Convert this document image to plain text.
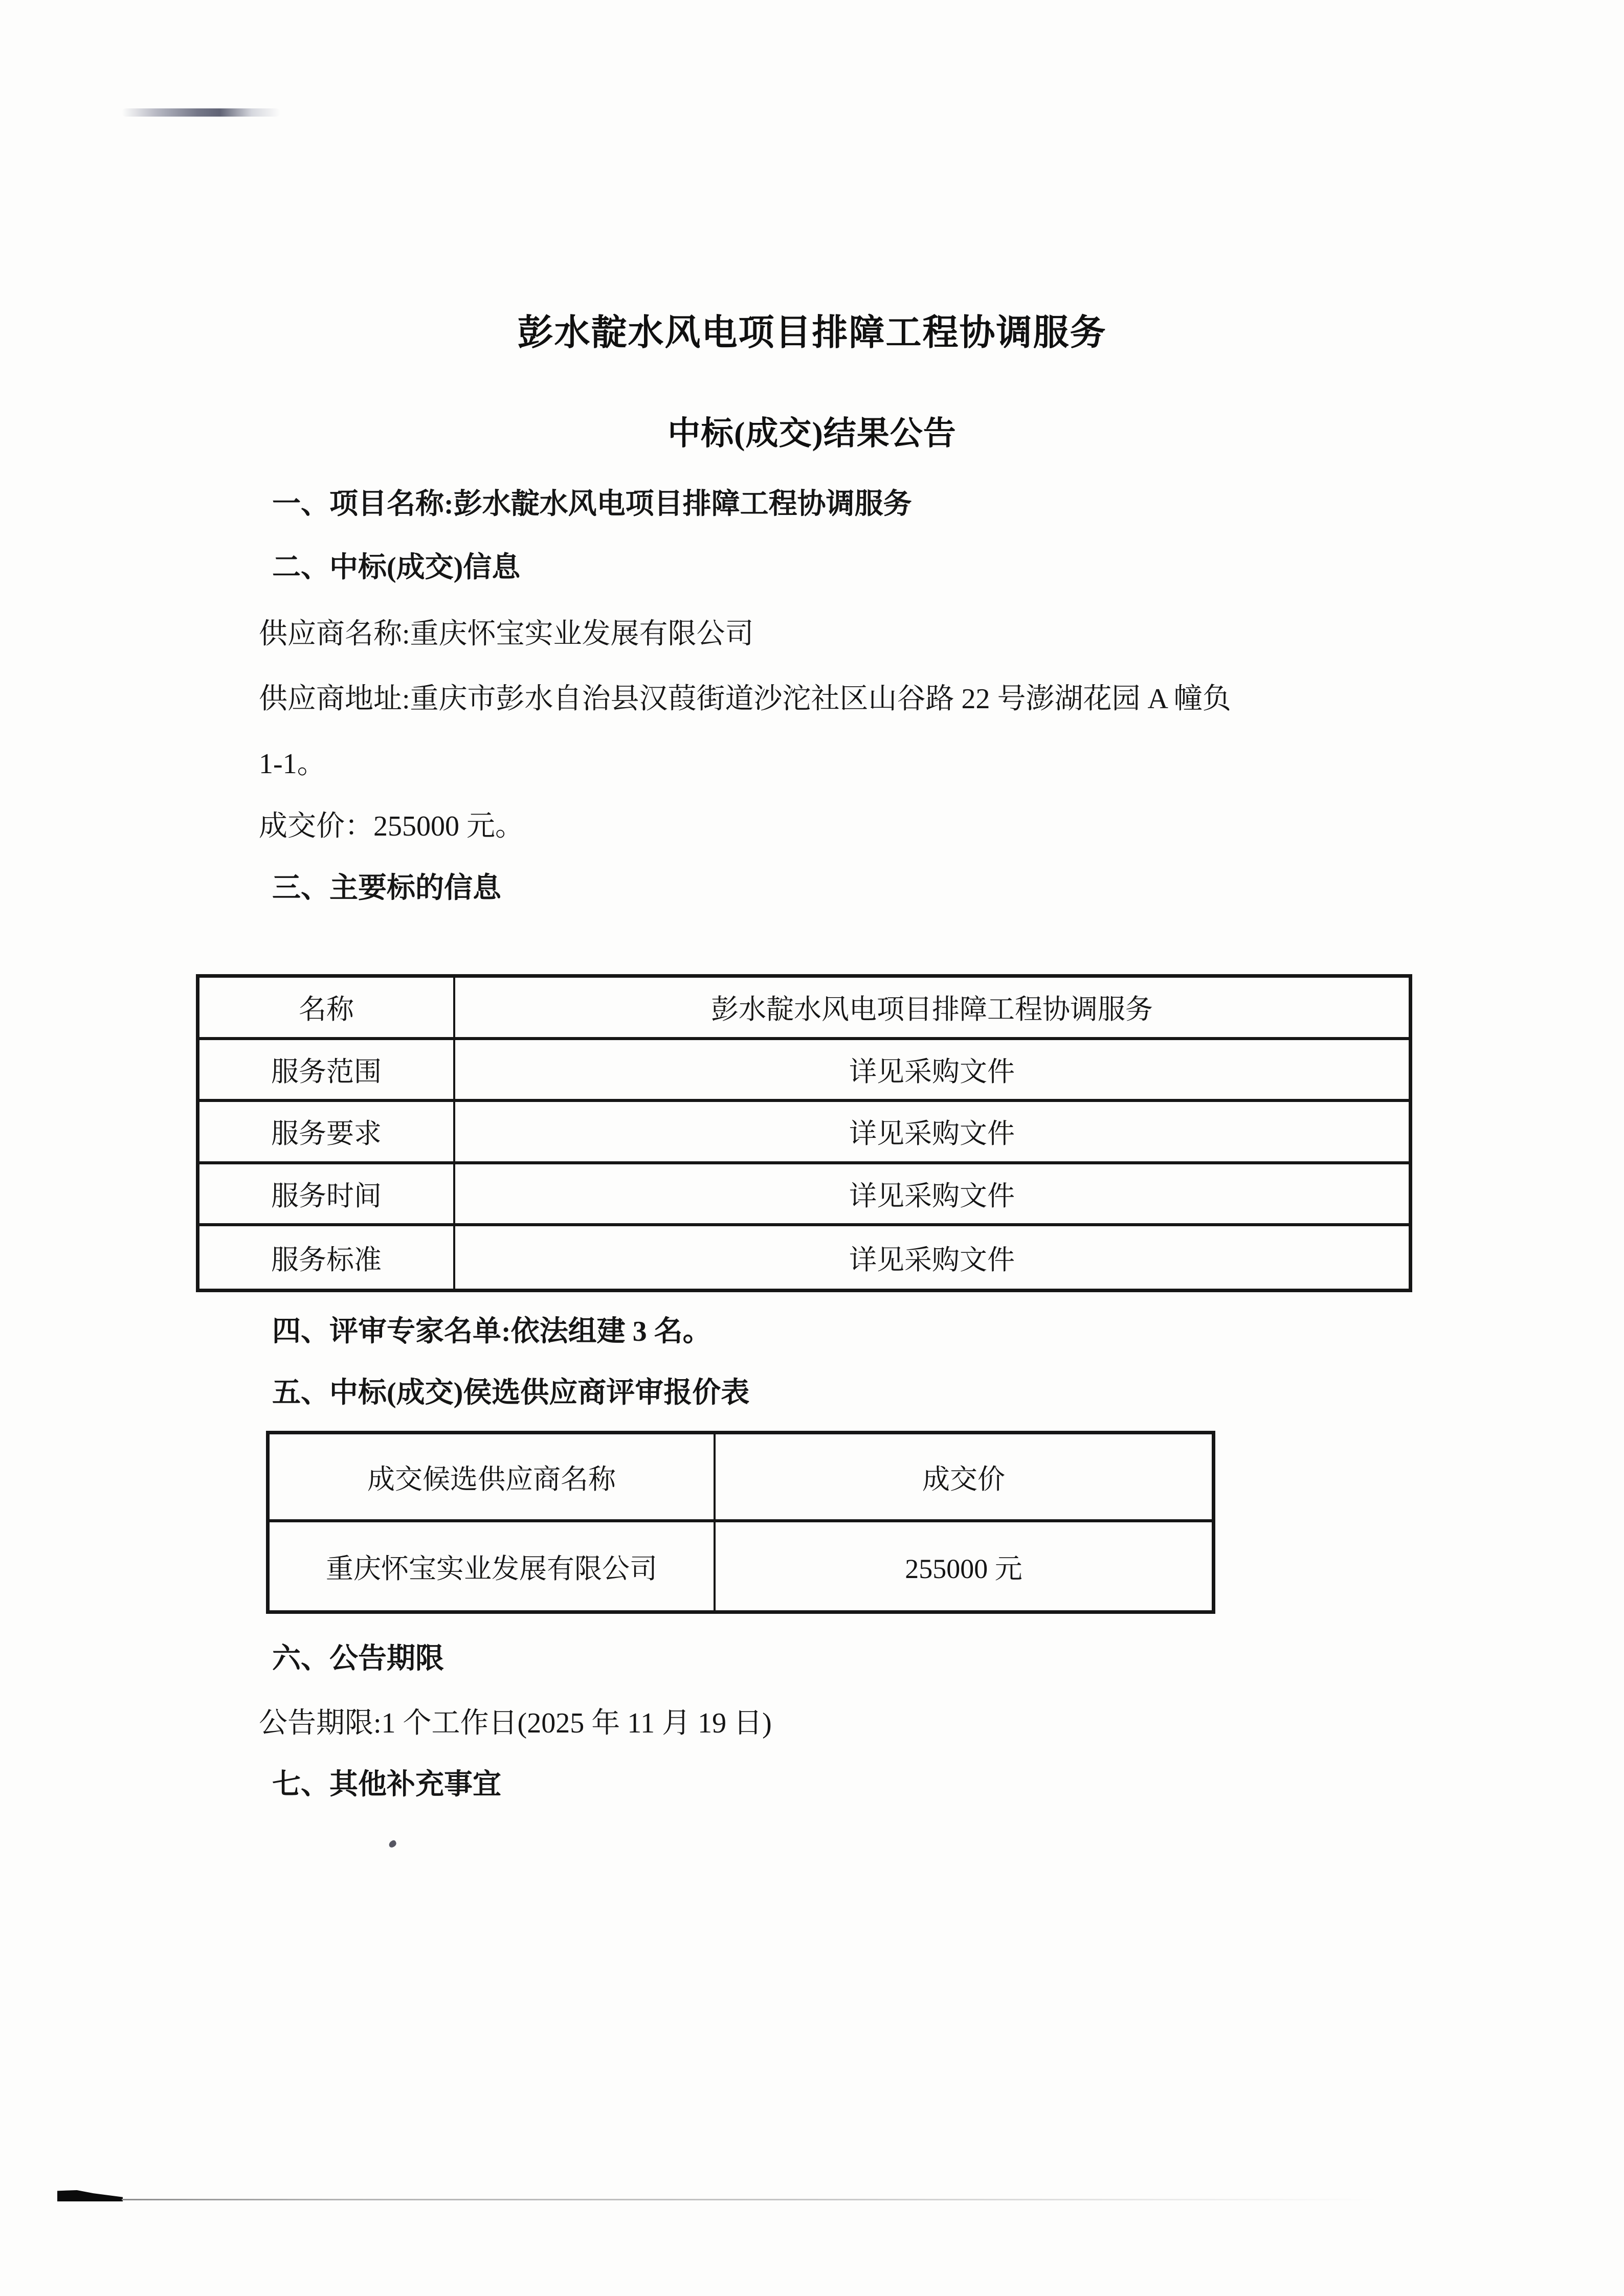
彭水靛水风电项目排障工程协调服务
中标(成交)结果公告
一、项目名称:彭水靛水风电项目排障工程协调服务
二、中标(成交)信息
供应商名称:重庆怀宝实业发展有限公司
供应商地址:重庆市彭水自治县汉葭街道沙沱社区山谷路 22 号澎湖花园 A 幢负
1-1。
成交价：255000 元。
三、主要标的信息
名称	彭水靛水风电项目排障工程协调服务
服务范围	详见采购文件
服务要求	详见采购文件
服务时间	详见采购文件
服务标准	详见采购文件
四、评审专家名单:依法组建 3 名。
五、中标(成交)侯选供应商评审报价表
成交候选供应商名称	成交价
重庆怀宝实业发展有限公司	255000 元
六、公告期限
公告期限:1 个工作日(2025 年 11 月 19 日)
七、其他补充事宜
